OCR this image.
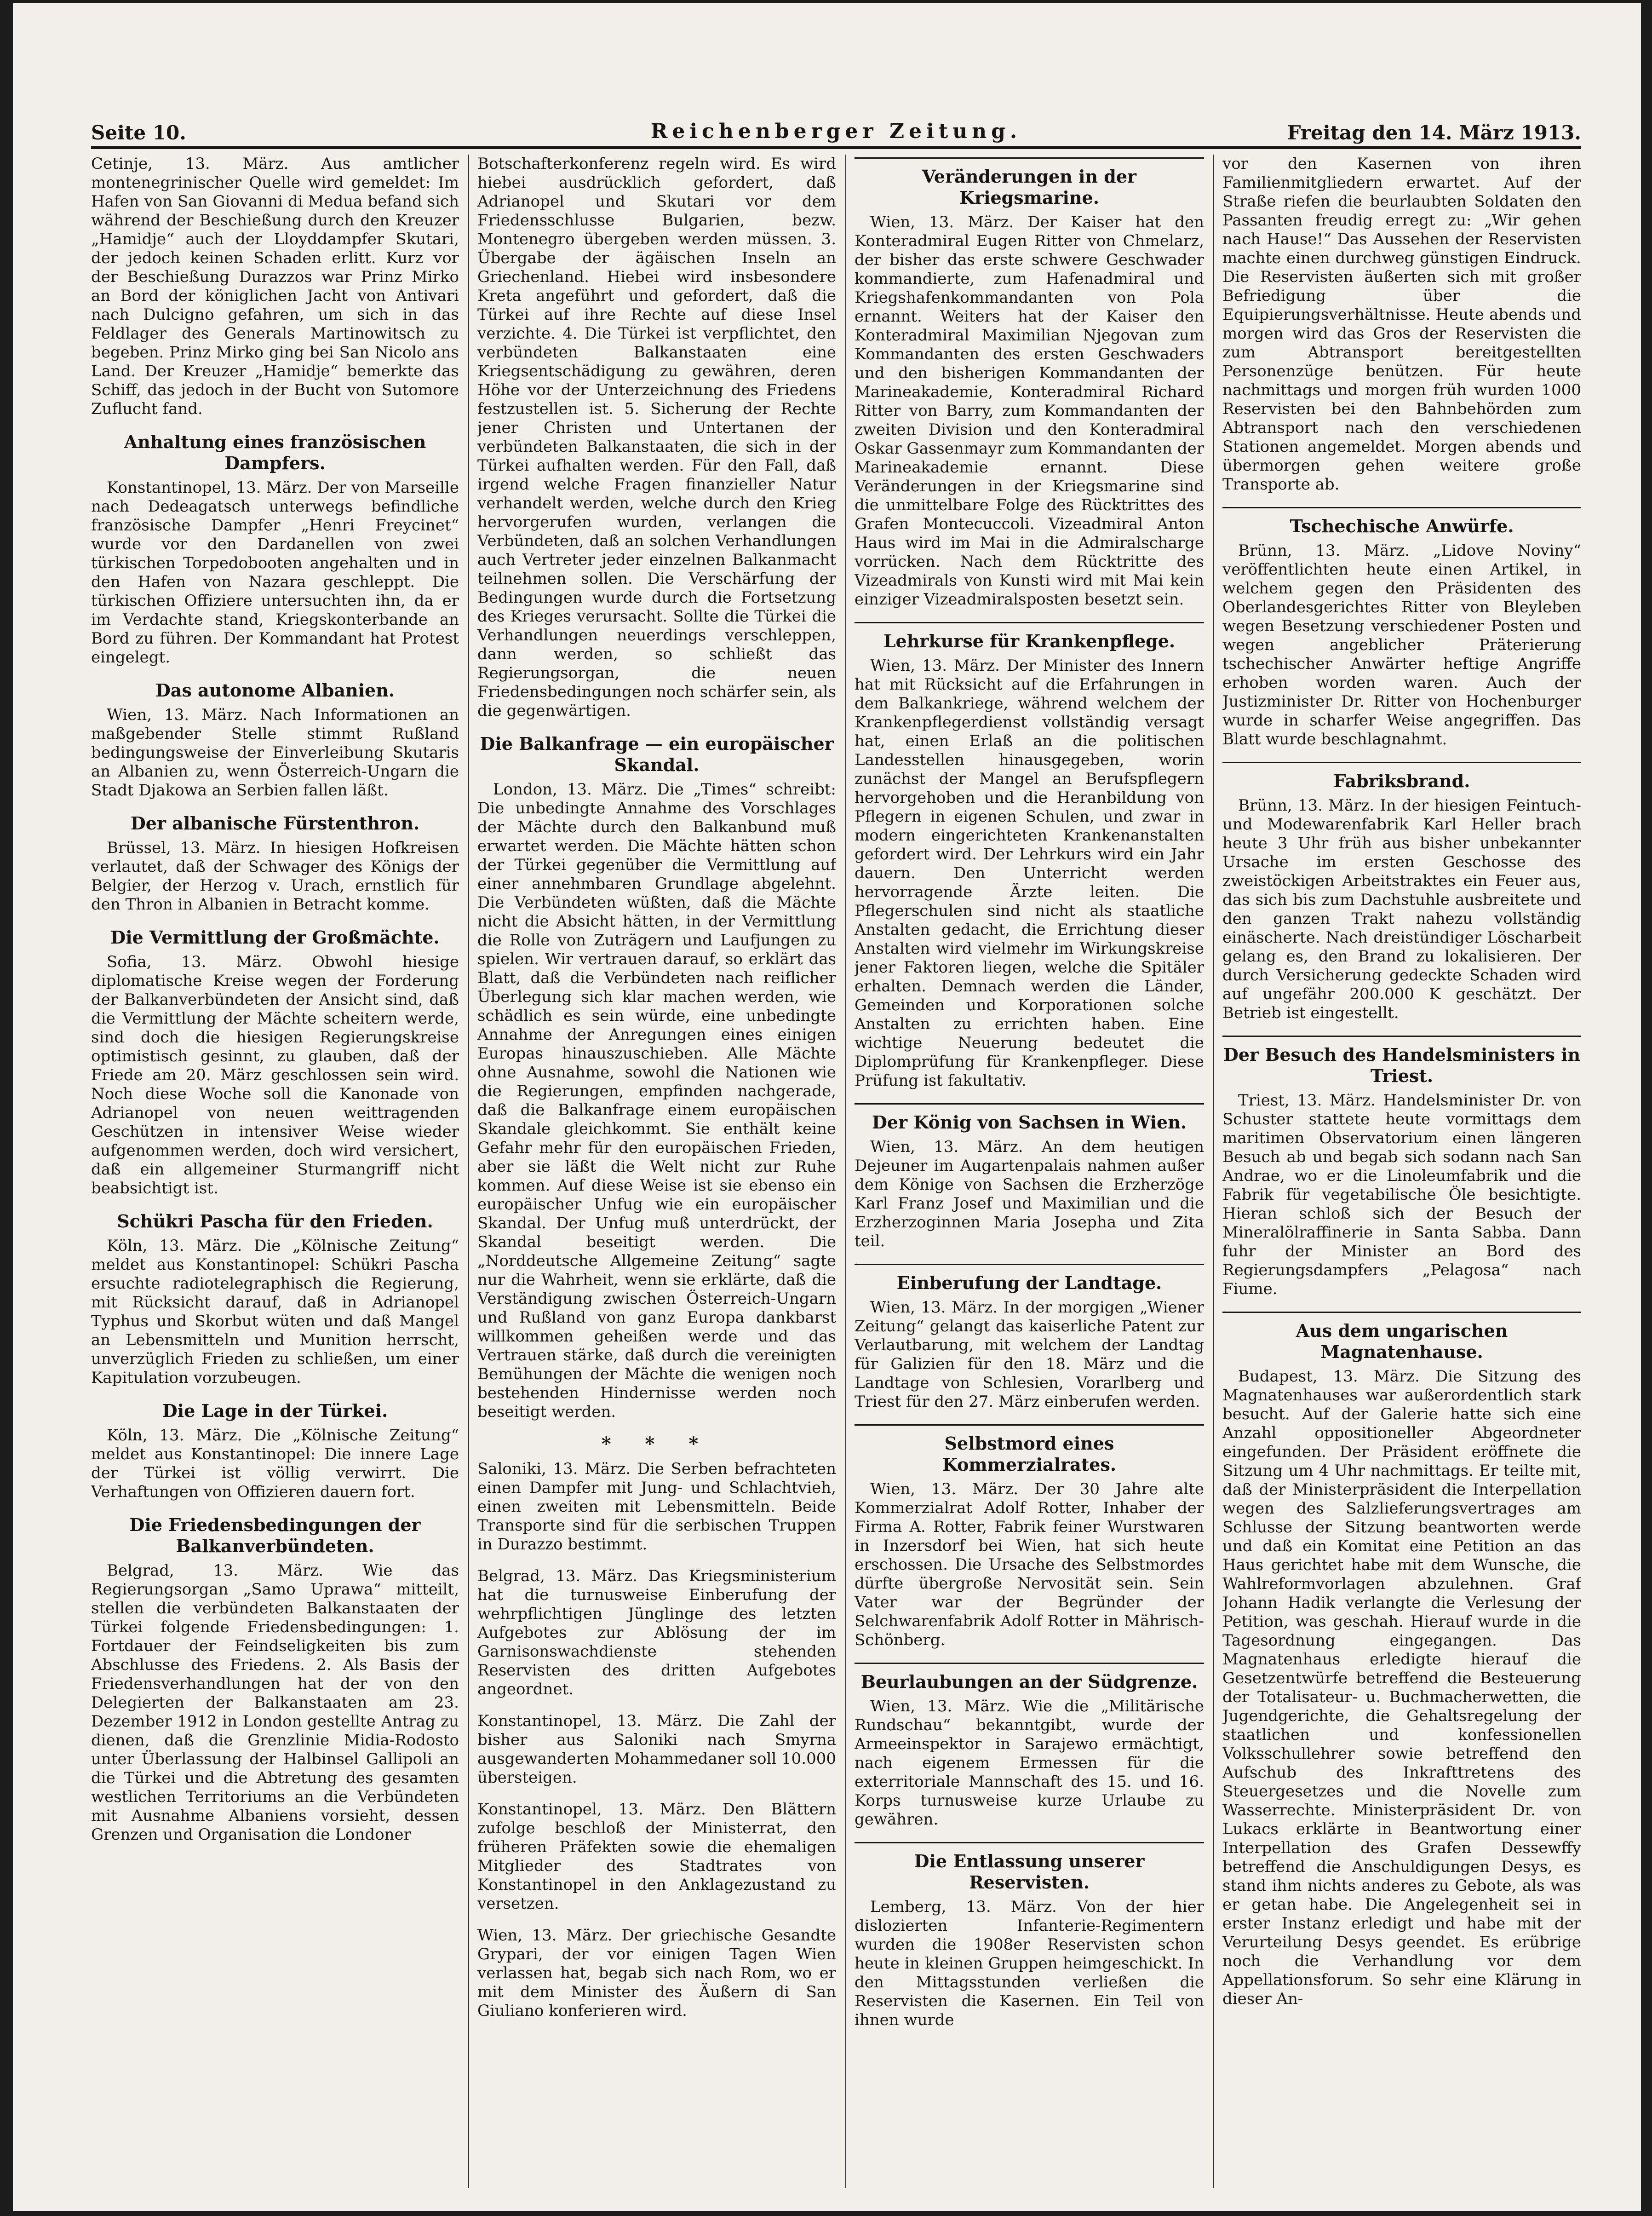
Seite 10.	Reichenberger Zeitung.	Freitag den 14. März 1913.

Cetinje, 13. März. Aus amtlicher montenegrinischer Quelle wird gemeldet: Im Hafen von San Giovanni di Medua befand sich während der Beschießung durch den Kreuzer „Hamidje“ auch der Lloyddampfer Skutari, der jedoch keinen Schaden erlitt. Kurz vor der Beschießung Durazzos war Prinz Mirko an Bord der königlichen Jacht von Antivari nach Dulcigno gefahren, um sich in das Feldlager des Generals Martinowitsch zu begeben. Prinz Mirko ging bei San Nicolo ans Land. Der Kreuzer „Hamidje“ bemerkte das Schiff, das jedoch in der Bucht von Sutomore Zuflucht fand.

Anhaltung eines französischen Dampfers.

Konstantinopel, 13. März. Der von Marseille nach Dedeagatsch unterwegs befindliche französische Dampfer „Henri Freycinet“ wurde vor den Dardanellen von zwei türkischen Torpedobooten angehalten und in den Hafen von Nazara geschleppt. Die türkischen Offiziere untersuchten ihn, da er im Verdachte stand, Kriegskonterbande an Bord zu führen. Der Kommandant hat Protest eingelegt.

Das autonome Albanien.

Wien, 13. März. Nach Informationen an maßgebender Stelle stimmt Rußland bedingungsweise der Einverleibung Skutaris an Albanien zu, wenn Österreich-Ungarn die Stadt Djakowa an Serbien fallen läßt.

Der albanische Fürstenthron.

Brüssel, 13. März. In hiesigen Hofkreisen verlautet, daß der Schwager des Königs der Belgier, der Herzog v. Urach, ernstlich für den Thron in Albanien in Betracht komme.

Die Vermittlung der Großmächte.

Sofia, 13. März. Obwohl hiesige diplomatische Kreise wegen der Forderung der Balkanverbündeten der Ansicht sind, daß die Vermittlung der Mächte scheitern werde, sind doch die hiesigen Regierungskreise optimistisch gesinnt, zu glauben, daß der Friede am 20. März geschlossen sein wird. Noch diese Woche soll die Kanonade von Adrianopel von neuen weittragenden Geschützen in intensiver Weise wieder aufgenommen werden, doch wird versichert, daß ein allgemeiner Sturmangriff nicht beabsichtigt ist.

Schükri Pascha für den Frieden.

Köln, 13. März. Die „Kölnische Zeitung“ meldet aus Konstantinopel: Schükri Pascha ersuchte radiotelegraphisch die Regierung, mit Rücksicht darauf, daß in Adrianopel Typhus und Skorbut wüten und daß Mangel an Lebensmitteln und Munition herrscht, unverzüglich Frieden zu schließen, um einer Kapitulation vorzubeugen.

Die Lage in der Türkei.

Köln, 13. März. Die „Kölnische Zeitung“ meldet aus Konstantinopel: Die innere Lage der Türkei ist völlig verwirrt. Die Verhaftungen von Offizieren dauern fort.

Die Friedensbedingungen der Balkanverbündeten.

Belgrad, 13. März. Wie das Regierungsorgan „Samo Uprawa“ mitteilt, stellen die verbündeten Balkanstaaten der Türkei folgende Friedensbedingungen: 1. Fortdauer der Feindseligkeiten bis zum Abschlusse des Friedens. 2. Als Basis der Friedensverhandlungen hat der von den Delegierten der Balkanstaaten am 23. Dezember 1912 in London gestellte Antrag zu dienen, daß die Grenzlinie Midia-Rodosto unter Überlassung der Halbinsel Gallipoli an die Türkei und die Abtretung des gesamten westlichen Territoriums an die Verbündeten mit Ausnahme Albaniens vorsieht, dessen Grenzen und Organisation die Londoner

Botschafterkonferenz regeln wird. Es wird hiebei ausdrücklich gefordert, daß Adrianopel und Skutari vor dem Friedensschlusse Bulgarien, bezw. Montenegro übergeben werden müssen. 3. Übergabe der ägäischen Inseln an Griechenland. Hiebei wird insbesondere Kreta angeführt und gefordert, daß die Türkei auf ihre Rechte auf diese Insel verzichte. 4. Die Türkei ist verpflichtet, den verbündeten Balkanstaaten eine Kriegsentschädigung zu gewähren, deren Höhe vor der Unterzeichnung des Friedens festzustellen ist. 5. Sicherung der Rechte jener Christen und Untertanen der verbündeten Balkanstaaten, die sich in der Türkei aufhalten werden. Für den Fall, daß irgend welche Fragen finanzieller Natur verhandelt werden, welche durch den Krieg hervorgerufen wurden, verlangen die Verbündeten, daß an solchen Verhandlungen auch Vertreter jeder einzelnen Balkanmacht teilnehmen sollen. Die Verschärfung der Bedingungen wurde durch die Fortsetzung des Krieges verursacht. Sollte die Türkei die Verhandlungen neuerdings verschleppen, dann werden, so schließt das Regierungsorgan, die neuen Friedensbedingungen noch schärfer sein, als die gegenwärtigen.

Die Balkanfrage — ein europäischer Skandal.

London, 13. März. Die „Times“ schreibt: Die unbedingte Annahme des Vorschlages der Mächte durch den Balkanbund muß erwartet werden. Die Mächte hätten schon der Türkei gegenüber die Vermittlung auf einer annehmbaren Grundlage abgelehnt. Die Verbündeten wüßten, daß die Mächte nicht die Absicht hätten, in der Vermittlung die Rolle von Zuträgern und Laufjungen zu spielen. Wir vertrauen darauf, so erklärt das Blatt, daß die Verbündeten nach reiflicher Überlegung sich klar machen werden, wie schädlich es sein würde, eine unbedingte Annahme der Anregungen eines einigen Europas hinauszuschieben. Alle Mächte ohne Ausnahme, sowohl die Nationen wie die Regierungen, empfinden nachgerade, daß die Balkanfrage einem europäischen Skandale gleichkommt. Sie enthält keine Gefahr mehr für den europäischen Frieden, aber sie läßt die Welt nicht zur Ruhe kommen. Auf diese Weise ist sie ebenso ein europäischer Unfug wie ein europäischer Skandal. Der Unfug muß unterdrückt, der Skandal beseitigt werden. Die „Norddeutsche Allgemeine Zeitung“ sagte nur die Wahrheit, wenn sie erklärte, daß die Verständigung zwischen Österreich-Ungarn und Rußland von ganz Europa dankbarst willkommen geheißen werde und das Vertrauen stärke, daß durch die vereinigten Bemühungen der Mächte die wenigen noch bestehenden Hindernisse werden noch beseitigt werden.

* * *

Saloniki, 13. März. Die Serben befrachteten einen Dampfer mit Jung- und Schlachtvieh, einen zweiten mit Lebensmitteln. Beide Transporte sind für die serbischen Truppen in Durazzo bestimmt.

Belgrad, 13. März. Das Kriegsministerium hat die turnusweise Einberufung der wehrpflichtigen Jünglinge des letzten Aufgebotes zur Ablösung der im Garnisonswachdienste stehenden Reservisten des dritten Aufgebotes angeordnet.

Konstantinopel, 13. März. Die Zahl der bisher aus Saloniki nach Smyrna ausgewanderten Mohammedaner soll 10.000 übersteigen.

Konstantinopel, 13. März. Den Blättern zufolge beschloß der Ministerrat, den früheren Präfekten sowie die ehemaligen Mitglieder des Stadtrates von Konstantinopel in den Anklagezustand zu versetzen.

Wien, 13. März. Der griechische Gesandte Grypari, der vor einigen Tagen Wien verlassen hat, begab sich nach Rom, wo er mit dem Minister des Äußern di San Giuliano konferieren wird.

Veränderungen in der Kriegsmarine.

Wien, 13. März. Der Kaiser hat den Konteradmiral Eugen Ritter von Chmelarz, der bisher das erste schwere Geschwader kommandierte, zum Hafenadmiral und Kriegshafenkommandanten von Pola ernannt. Weiters hat der Kaiser den Konteradmiral Maximilian Njegovan zum Kommandanten des ersten Geschwaders und den bisherigen Kommandanten der Marineakademie, Konteradmiral Richard Ritter von Barry, zum Kommandanten der zweiten Division und den Konteradmiral Oskar Gassenmayr zum Kommandanten der Marineakademie ernannt. Diese Veränderungen in der Kriegsmarine sind die unmittelbare Folge des Rücktrittes des Grafen Montecuccoli. Vizeadmiral Anton Haus wird im Mai in die Admiralscharge vorrücken. Nach dem Rücktritte des Vizeadmirals von Kunsti wird mit Mai kein einziger Vizeadmiralsposten besetzt sein.

Lehrkurse für Krankenpflege.

Wien, 13. März. Der Minister des Innern hat mit Rücksicht auf die Erfahrungen in dem Balkankriege, während welchem der Krankenpflegerdienst vollständig versagt hat, einen Erlaß an die politischen Landesstellen hinausgegeben, worin zunächst der Mangel an Berufspflegern hervorgehoben und die Heranbildung von Pflegern in eigenen Schulen, und zwar in modern eingerichteten Krankenanstalten gefordert wird. Der Lehrkurs wird ein Jahr dauern. Den Unterricht werden hervorragende Ärzte leiten. Die Pflegerschulen sind nicht als staatliche Anstalten gedacht, die Errichtung dieser Anstalten wird vielmehr im Wirkungskreise jener Faktoren liegen, welche die Spitäler erhalten. Demnach werden die Länder, Gemeinden und Korporationen solche Anstalten zu errichten haben. Eine wichtige Neuerung bedeutet die Diplomprüfung für Krankenpfleger. Diese Prüfung ist fakultativ.

Der König von Sachsen in Wien.

Wien, 13. März. An dem heutigen Dejeuner im Augartenpalais nahmen außer dem Könige von Sachsen die Erzherzöge Karl Franz Josef und Maximilian und die Erzherzoginnen Maria Josepha und Zita teil.

Einberufung der Landtage.

Wien, 13. März. In der morgigen „Wiener Zeitung“ gelangt das kaiserliche Patent zur Verlautbarung, mit welchem der Landtag für Galizien für den 18. März und die Landtage von Schlesien, Vorarlberg und Triest für den 27. März einberufen werden.

Selbstmord eines Kommerzialrates.

Wien, 13. März. Der 30 Jahre alte Kommerzialrat Adolf Rotter, Inhaber der Firma A. Rotter, Fabrik feiner Wurstwaren in Inzersdorf bei Wien, hat sich heute erschossen. Die Ursache des Selbstmordes dürfte übergroße Nervosität sein. Sein Vater war der Begründer der Selchwarenfabrik Adolf Rotter in Mährisch-Schönberg.

Beurlaubungen an der Südgrenze.

Wien, 13. März. Wie die „Militärische Rundschau“ bekanntgibt, wurde der Armeeinspektor in Sarajewo ermächtigt, nach eigenem Ermessen für die exterritoriale Mannschaft des 15. und 16. Korps turnusweise kurze Urlaube zu gewähren.

Die Entlassung unserer Reservisten.

Lemberg, 13. März. Von der hier dislozierten Infanterie-Regimentern wurden die 1908er Reservisten schon heute in kleinen Gruppen heimgeschickt. In den Mittagsstunden verließen die Reservisten die Kasernen. Ein Teil von ihnen wurde

vor den Kasernen von ihren Familienmitgliedern erwartet. Auf der Straße riefen die beurlaubten Soldaten den Passanten freudig erregt zu: „Wir gehen nach Hause!“ Das Aussehen der Reservisten machte einen durchweg günstigen Eindruck. Die Reservisten äußerten sich mit großer Befriedigung über die Equipierungsverhältnisse. Heute abends und morgen wird das Gros der Reservisten die zum Abtransport bereitgestellten Personenzüge benützen. Für heute nachmittags und morgen früh wurden 1000 Reservisten bei den Bahnbehörden zum Abtransport nach den verschiedenen Stationen angemeldet. Morgen abends und übermorgen gehen weitere große Transporte ab.

Tschechische Anwürfe.

Brünn, 13. März. „Lidove Noviny“ veröffentlichten heute einen Artikel, in welchem gegen den Präsidenten des Oberlandesgerichtes Ritter von Bleyleben wegen Besetzung verschiedener Posten und wegen angeblicher Präterierung tschechischer Anwärter heftige Angriffe erhoben worden waren. Auch der Justizminister Dr. Ritter von Hochenburger wurde in scharfer Weise angegriffen. Das Blatt wurde beschlagnahmt.

Fabriksbrand.

Brünn, 13. März. In der hiesigen Feintuch- und Modewarenfabrik Karl Heller brach heute 3 Uhr früh aus bisher unbekannter Ursache im ersten Geschosse des zweistöckigen Arbeitstraktes ein Feuer aus, das sich bis zum Dachstuhle ausbreitete und den ganzen Trakt nahezu vollständig einäscherte. Nach dreistündiger Löscharbeit gelang es, den Brand zu lokalisieren. Der durch Versicherung gedeckte Schaden wird auf ungefähr 200.000 K geschätzt. Der Betrieb ist eingestellt.

Der Besuch des Handelsministers in Triest.

Triest, 13. März. Handelsminister Dr. von Schuster stattete heute vormittags dem maritimen Observatorium einen längeren Besuch ab und begab sich sodann nach San Andrae, wo er die Linoleumfabrik und die Fabrik für vegetabilische Öle besichtigte. Hieran schloß sich der Besuch der Mineralölraffinerie in Santa Sabba. Dann fuhr der Minister an Bord des Regierungsdampfers „Pelagosa“ nach Fiume.

Aus dem ungarischen Magnatenhause.

Budapest, 13. März. Die Sitzung des Magnatenhauses war außerordentlich stark besucht. Auf der Galerie hatte sich eine Anzahl oppositioneller Abgeordneter eingefunden. Der Präsident eröffnete die Sitzung um 4 Uhr nachmittags. Er teilte mit, daß der Ministerpräsident die Interpellation wegen des Salzlieferungsvertrages am Schlusse der Sitzung beantworten werde und daß ein Komitat eine Petition an das Haus gerichtet habe mit dem Wunsche, die Wahlreformvorlagen abzulehnen. Graf Johann Hadik verlangte die Verlesung der Petition, was geschah. Hierauf wurde in die Tagesordnung eingegangen. Das Magnatenhaus erledigte hierauf die Gesetzentwürfe betreffend die Besteuerung der Totalisateur- u. Buchmacherwetten, die Jugendgerichte, die Gehaltsregelung der staatlichen und konfessionellen Volksschullehrer sowie betreffend den Aufschub des Inkrafttretens des Steuergesetzes und die Novelle zum Wasserrechte. Ministerpräsident Dr. von Lukacs erklärte in Beantwortung einer Interpellation des Grafen Dessewffy betreffend die Anschuldigungen Desys, es stand ihm nichts anderes zu Gebote, als was er getan habe. Die Angelegenheit sei in erster Instanz erledigt und habe mit der Verurteilung Desys geendet. Es erübrige noch die Verhandlung vor dem Appellationsforum. So sehr eine Klärung in dieser An-
